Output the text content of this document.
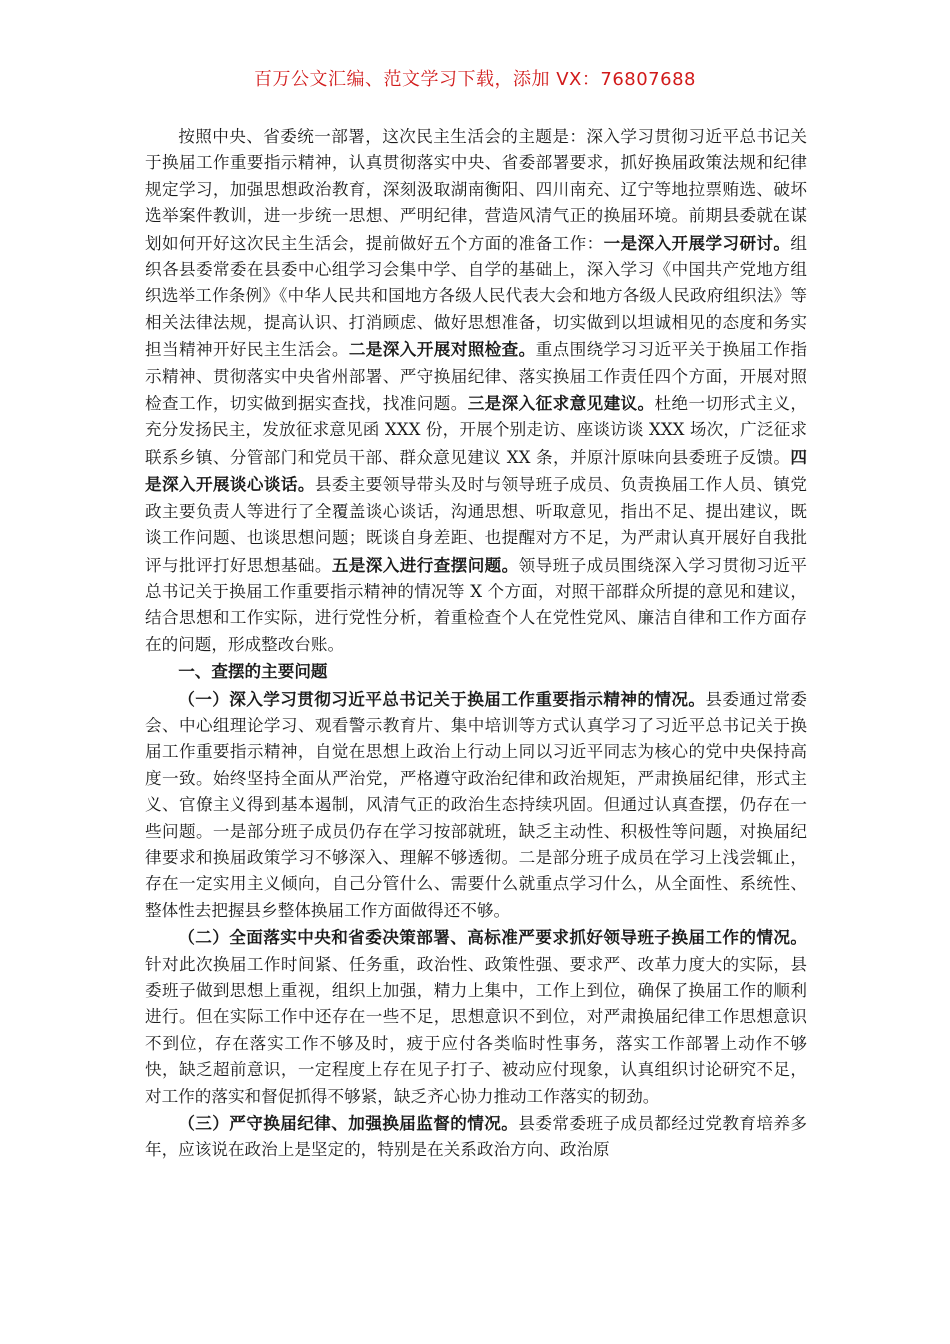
百万公文汇编、范文学习下载，添加 VX：76807688

按照中央、省委统一部署，这次民主生活会的主题是：深入学习贯彻习近平总书记关于换届工作重要指示精神，认真贯彻落实中央、省委部署要求，抓好换届政策法规和纪律规定学习，加强思想政治教育，深刻汲取湖南衡阳、四川南充、辽宁等地拉票贿选、破坏选举案件教训，进一步统一思想、严明纪律，营造风清气正的换届环境。前期县委就在谋划如何开好这次民主生活会，提前做好五个方面的准备工作：一是深入开展学习研讨。组织各县委常委在县委中心组学习会集中学、自学的基础上，深入学习《中国共产党地方组织选举工作条例》《中华人民共和国地方各级人民代表大会和地方各级人民政府组织法》等相关法律法规，提高认识、打消顾虑、做好思想准备，切实做到以坦诚相见的态度和务实担当精神开好民主生活会。二是深入开展对照检查。重点围绕学习习近平关于换届工作指示精神、贯彻落实中央省州部署、严守换届纪律、落实换届工作责任四个方面，开展对照检查工作，切实做到据实查找，找准问题。三是深入征求意见建议。杜绝一切形式主义，充分发扬民主，发放征求意见函 XXX 份，开展个别走访、座谈访谈 XXX 场次，广泛征求联系乡镇、分管部门和党员干部、群众意见建议 XX 条，并原汁原味向县委班子反馈。四是深入开展谈心谈话。县委主要领导带头及时与领导班子成员、负责换届工作人员、镇党政主要负责人等进行了全覆盖谈心谈话，沟通思想、听取意见，指出不足、提出建议，既谈工作问题、也谈思想问题；既谈自身差距、也提醒对方不足，为严肃认真开展好自我批评与批评打好思想基础。五是深入进行查摆问题。领导班子成员围绕深入学习贯彻习近平总书记关于换届工作重要指示精神的情况等 X 个方面，对照干部群众所提的意见和建议，结合思想和工作实际，进行党性分析，着重检查个人在党性党风、廉洁自律和工作方面存在的问题，形成整改台账。

一、查摆的主要问题

（一）深入学习贯彻习近平总书记关于换届工作重要指示精神的情况。县委通过常委会、中心组理论学习、观看警示教育片、集中培训等方式认真学习了习近平总书记关于换届工作重要指示精神，自觉在思想上政治上行动上同以习近平同志为核心的党中央保持高度一致。始终坚持全面从严治党，严格遵守政治纪律和政治规矩，严肃换届纪律，形式主义、官僚主义得到基本遏制，风清气正的政治生态持续巩固。但通过认真查摆，仍存在一些问题。一是部分班子成员仍存在学习按部就班，缺乏主动性、积极性等问题，对换届纪律要求和换届政策学习不够深入、理解不够透彻。二是部分班子成员在学习上浅尝辄止，存在一定实用主义倾向，自己分管什么、需要什么就重点学习什么，从全面性、系统性、整体性去把握县乡整体换届工作方面做得还不够。

（二）全面落实中央和省委决策部署、高标准严要求抓好领导班子换届工作的情况。针对此次换届工作时间紧、任务重，政治性、政策性强、要求严、改革力度大的实际，县委班子做到思想上重视，组织上加强，精力上集中，工作上到位，确保了换届工作的顺利进行。但在实际工作中还存在一些不足，思想意识不到位，对严肃换届纪律工作思想意识不到位，存在落实工作不够及时，疲于应付各类临时性事务，落实工作部署上动作不够快，缺乏超前意识，一定程度上存在见子打子、被动应付现象，认真组织讨论研究不足，对工作的落实和督促抓得不够紧，缺乏齐心协力推动工作落实的韧劲。

（三）严守换届纪律、加强换届监督的情况。县委常委班子成员都经过党教育培养多年，应该说在政治上是坚定的，特别是在关系政治方向、政治原
